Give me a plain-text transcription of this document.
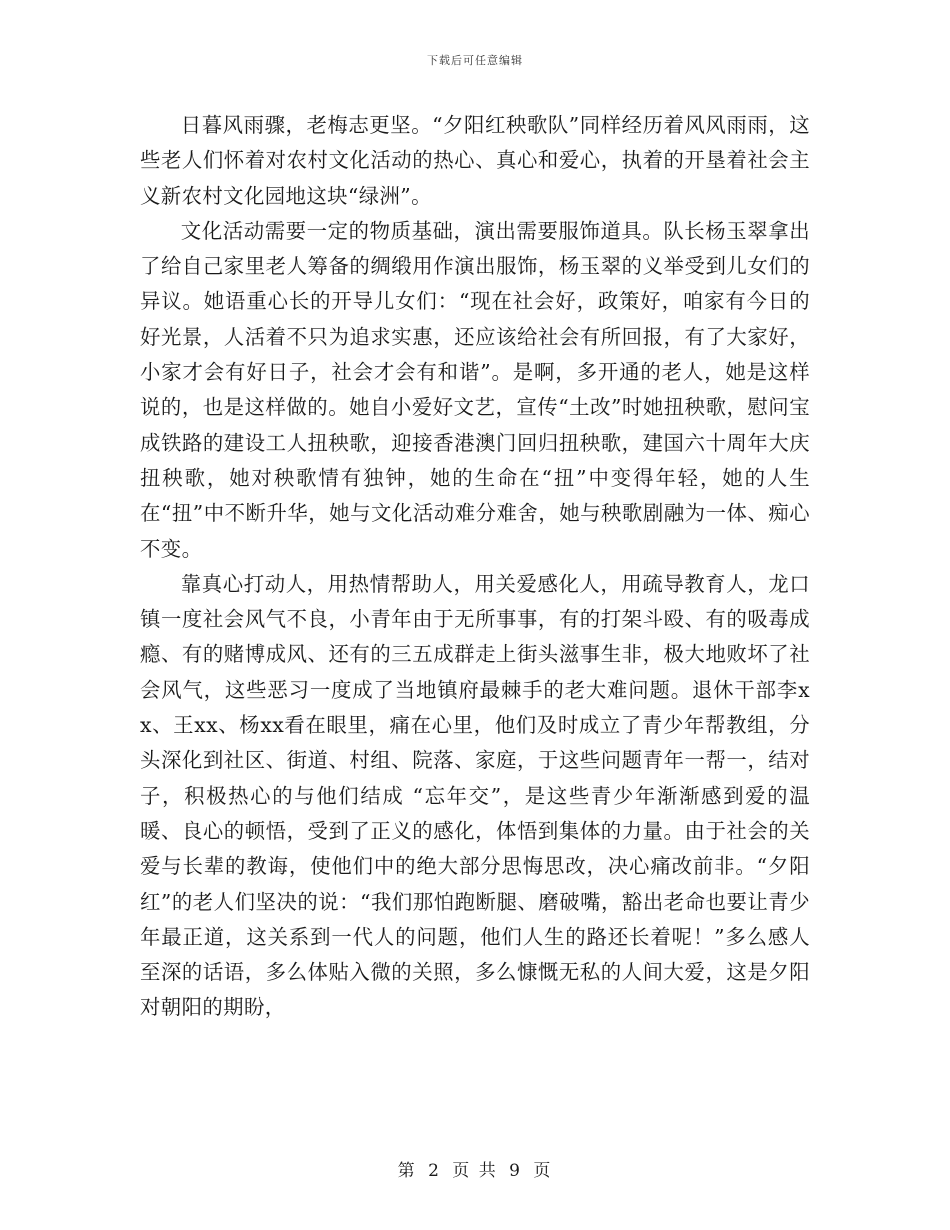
下载后可任意编辑

日暮风雨骤，老梅志更坚。“夕阳红秧歌队”同样经历着风风雨雨，这些老人们怀着对农村文化活动的热心、真心和爱心，执着的开垦着社会主义新农村文化园地这块“绿洲”。

文化活动需要一定的物质基础，演出需要服饰道具。队长杨玉翠拿出了给自己家里老人筹备的绸缎用作演出服饰，杨玉翠的义举受到儿女们的异议。她语重心长的开导儿女们：“现在社会好，政策好，咱家有今日的好光景，人活着不只为追求实惠，还应该给社会有所回报，有了大家好，小家才会有好日子，社会才会有和谐”。是啊，多开通的老人，她是这样说的，也是这样做的。她自小爱好文艺，宣传“土改”时她扭秧歌，慰问宝成铁路的建设工人扭秧歌，迎接香港澳门回归扭秧歌，建国六十周年大庆扭秧歌，她对秧歌情有独钟，她的生命在“扭”中变得年轻，她的人生在“扭”中不断升华，她与文化活动难分难舍，她与秧歌剧融为一体、痴心不变。

靠真心打动人，用热情帮助人，用关爱感化人，用疏导教育人，龙口镇一度社会风气不良，小青年由于无所事事，有的打架斗殴、有的吸毒成瘾、有的赌博成风、还有的三五成群走上街头滋事生非，极大地败坏了社会风气，这些恶习一度成了当地镇府最棘手的老大难问题。退休干部李xx、王xx、杨xx看在眼里，痛在心里，他们及时成立了青少年帮教组，分头深化到社区、街道、村组、院落、家庭，于这些问题青年一帮一，结对子，积极热心的与他们结成 “忘年交”，是这些青少年渐渐感到爱的温暖、良心的顿悟，受到了正义的感化，体悟到集体的力量。由于社会的关爱与长辈的教诲，使他们中的绝大部分思悔思改，决心痛改前非。“夕阳红”的老人们坚决的说：“我们那怕跑断腿、磨破嘴，豁出老命也要让青少年最正道，这关系到一代人的问题，他们人生的路还长着呢！”多么感人至深的话语，多么体贴入微的关照，多么慷慨无私的人间大爱，这是夕阳对朝阳的期盼，

第 2 页 共 9 页
